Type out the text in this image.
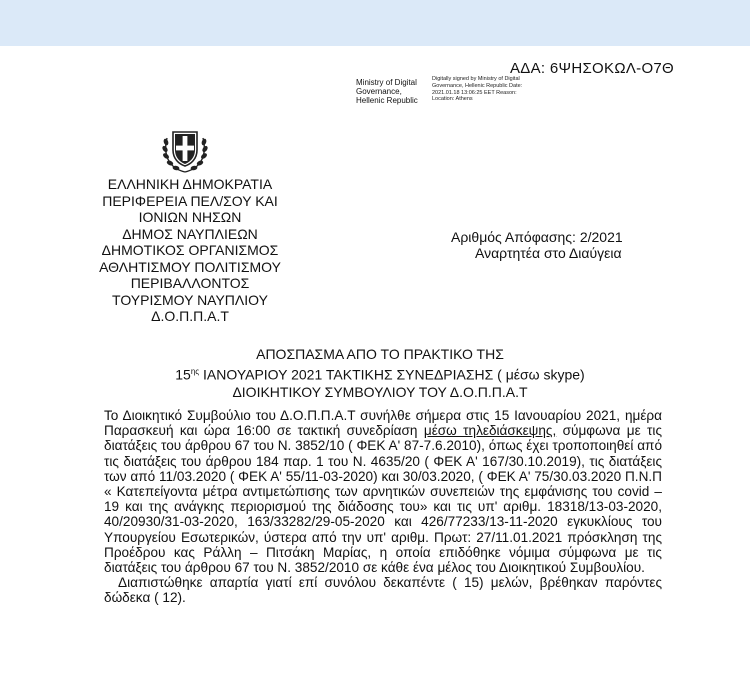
ΑΔΑ: 6ΨΗΣΟΚΩΛ-Ο7Θ
Ministry of Digital Governance, Hellenic Republic
Digitally signed by Ministry of Digital Governance, Hellenic Republic Date: 2021.01.18 13:06:25 EET Reason: Location: Athens
ΕΛΛΗΝΙΚΗ ΔΗΜΟΚΡΑΤΙΑ
ΠΕΡΙΦΕΡΕΙΑ ΠΕΛ/ΣΟΥ ΚΑΙ
ΙΟΝΙΩΝ ΝΗΣΩΝ
ΔΗΜΟΣ ΝΑΥΠΛΙΕΩΝ
ΔΗΜΟΤΙΚΟΣ ΟΡΓΑΝΙΣΜΟΣ
ΑΘΛΗΤΙΣΜΟΥ ΠΟΛΙΤΙΣΜΟΥ
ΠΕΡΙΒΑΛΛΟΝΤΟΣ
ΤΟΥΡΙΣΜΟΥ ΝΑΥΠΛΙΟΥ
Δ.Ο.Π.Π.Α.Τ
Αριθμός Απόφασης: 2/2021
Αναρτητέα στο Διαύγεια
ΑΠΟΣΠΑΣΜΑ ΑΠΟ ΤΟ ΠΡΑΚΤΙΚΟ ΤΗΣ
$15^{\eta\varsigma}$ ΙΑΝΟΥΑΡΙΟΥ 2021 ΤΑΚΤΙΚΗΣ ΣΥΝΕΔΡΙΑΣΗΣ ( μέσω skype)
ΔΙΟΙΚΗΤΙΚΟΥ ΣΥΜΒΟΥΛΙΟΥ ΤΟΥ Δ.Ο.Π.Π.Α.Τ

Το Διοικητικό Συμβούλιο του Δ.Ο.Π.Π.Α.Τ συνήλθε σήμερα στις 15 Ιανουαρίου 2021, ημέρα Παρασκευή και ώρα 16:00 σε τακτική συνεδρίαση μέσω τηλεδιάσκεψης, σύμφωνα με τις διατάξεις του άρθρου 67 του Ν. 3852/10 ( ΦΕΚ Α' 87-7.6.2010), όπως έχει τροποποιηθεί από τις διατάξεις του άρθρου 184 παρ. 1 του Ν. 4635/20 ( ΦΕΚ Α' 167/30.10.2019), τις διατάξεις των από 11/03.2020 ( ΦΕΚ Α' 55/11-03-2020) και 30/03.2020, ( ΦΕΚ Α' 75/30.03.2020 Π.Ν.Π « Κατεπείγοντα μέτρα αντιμετώπισης των αρνητικών συνεπειών της εμφάνισης του covid – 19 και της ανάγκης περιορισμού της διάδοσης του» και τις υπ' αριθμ. 18318/13-03-2020, 40/20930/31-03-2020, 163/33282/29-05-2020 και 426/77233/13-11-2020 εγκυκλίους του Υπουργείου Εσωτερικών, ύστερα από την υπ' αριθμ. Πρωτ: 27/11.01.2021 πρόσκληση της Προέδρου κας Ράλλη – Πιτσάκη Μαρίας, η οποία επιδόθηκε νόμιμα σύμφωνα με τις διατάξεις του άρθρου 67 του Ν. 3852/2010 σε κάθε ένα μέλος του Διοικητικού Συμβουλίου.

Διαπιστώθηκε απαρτία γιατί επί συνόλου δεκαπέντε ( 15) μελών, βρέθηκαν παρόντες δώδεκα ( 12).
